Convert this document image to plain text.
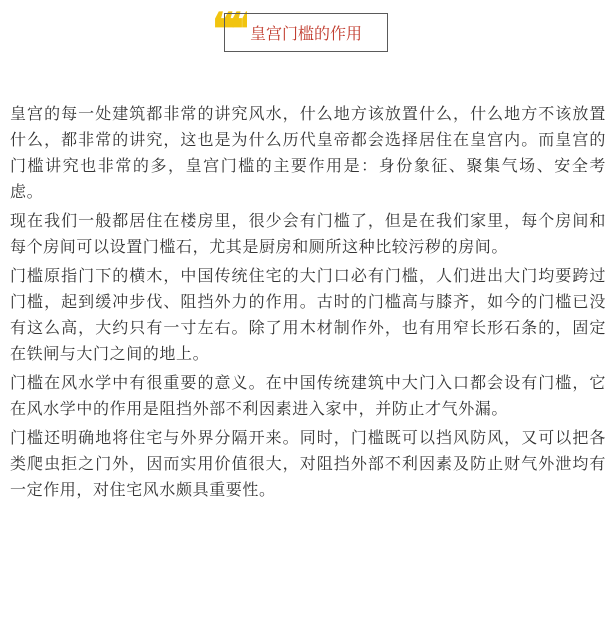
❝❝ 皇宫门槛的作用

皇宫的每一处建筑都非常的讲究风水，什么地方该放置什么，什么地方不该放置什么，都非常的讲究，这也是为什么历代皇帝都会选择居住在皇宫内。而皇宫的门槛讲究也非常的多，皇宫门槛的主要作用是：身份象征、聚集气场、安全考虑。

现在我们一般都居住在楼房里，很少会有门槛了，但是在我们家里，每个房间和每个房间可以设置门槛石，尤其是厨房和厕所这种比较污秽的房间。

门槛原指门下的横木，中国传统住宅的大门口必有门槛，人们进出大门均要跨过门槛，起到缓冲步伐、阻挡外力的作用。古时的门槛高与膝齐，如今的门槛已没有这么高，大约只有一寸左右。除了用木材制作外，也有用窄长形石条的，固定在铁闸与大门之间的地上。

门槛在风水学中有很重要的意义。在中国传统建筑中大门入口都会设有门槛，它在风水学中的作用是阻挡外部不利因素进入家中，并防止才气外漏。

门槛还明确地将住宅与外界分隔开来。同时，门槛既可以挡风防风，又可以把各类爬虫拒之门外，因而实用价值很大，对阻挡外部不利因素及防止财气外泄均有一定作用，对住宅风水颇具重要性。
